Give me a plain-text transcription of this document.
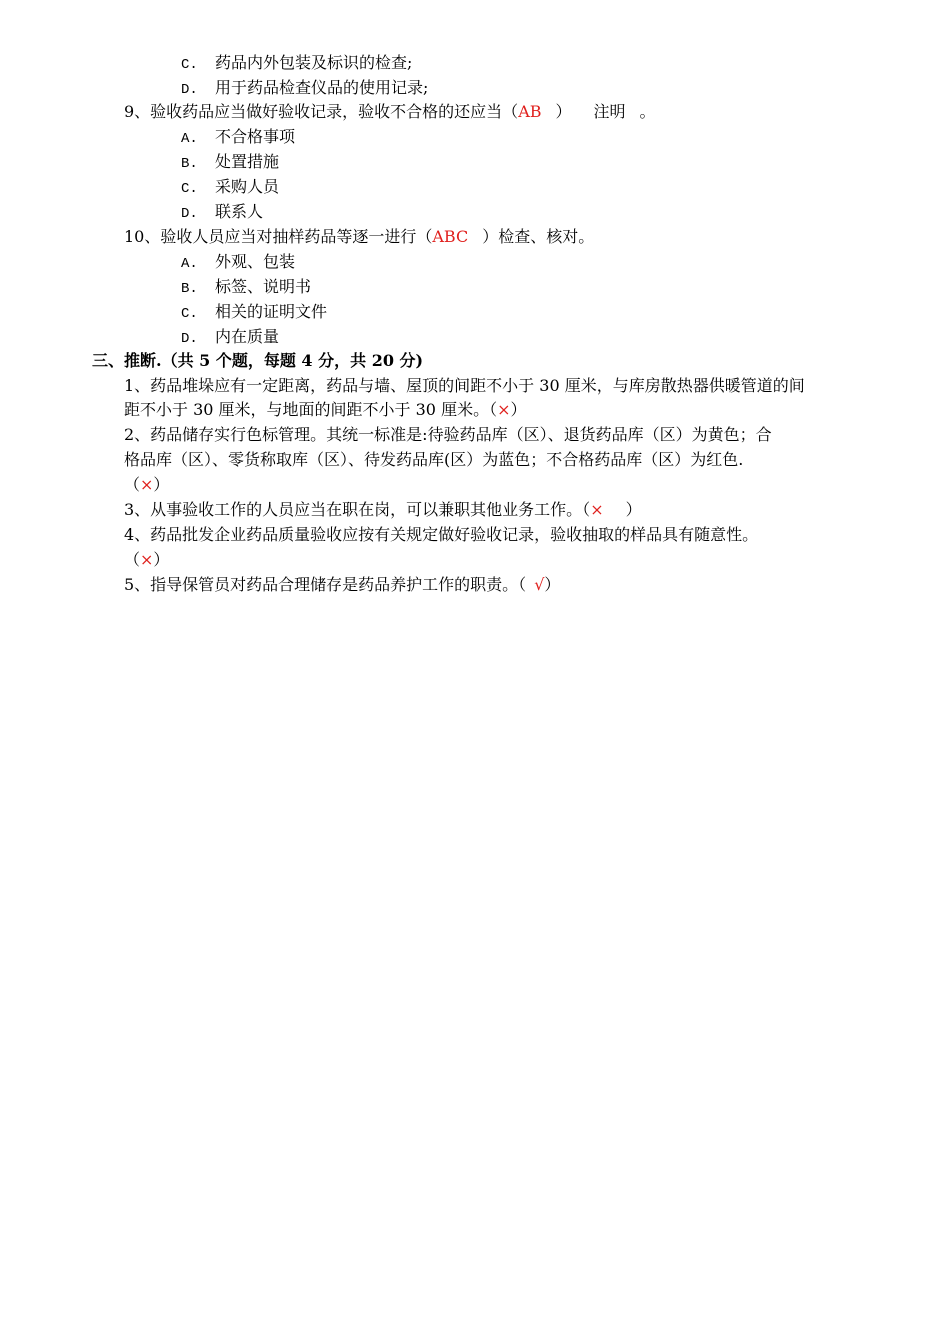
C. 药品内外包装及标识的检查;
D. 用于药品检查仪品的使用记录;
9、验收药品应当做好验收记录，验收不合格的还应当（AB ） 注明 。
A. 不合格事项
B. 处置措施
C. 采购人员
D. 联系人
10、验收人员应当对抽样药品等逐一进行（ABC ）检查、核对。
A. 外观、包装
B. 标签、说明书
C. 相关的证明文件
D. 内在质量
三、推断.（共 5 个题，每题 4 分，共 20 分)
1、药品堆垛应有一定距离，药品与墙、屋顶的间距不小于 30 厘米，与库房散热器供暖管道的间
距不小于 30 厘米，与地面的间距不小于 30 厘米。（×）
2、药品储存实行色标管理。其统一标准是:待验药品库（区）、退货药品库（区）为黄色；合
格品库（区）、零货称取库（区）、待发药品库(区）为蓝色；不合格药品库（区）为红色.
（×）
3、从事验收工作的人员应当在职在岗，可以兼职其他业务工作。（× ）
4、药品批发企业药品质量验收应按有关规定做好验收记录，验收抽取的样品具有随意性。
（×）
5、指导保管员对药品合理储存是药品养护工作的职责。（ √）
